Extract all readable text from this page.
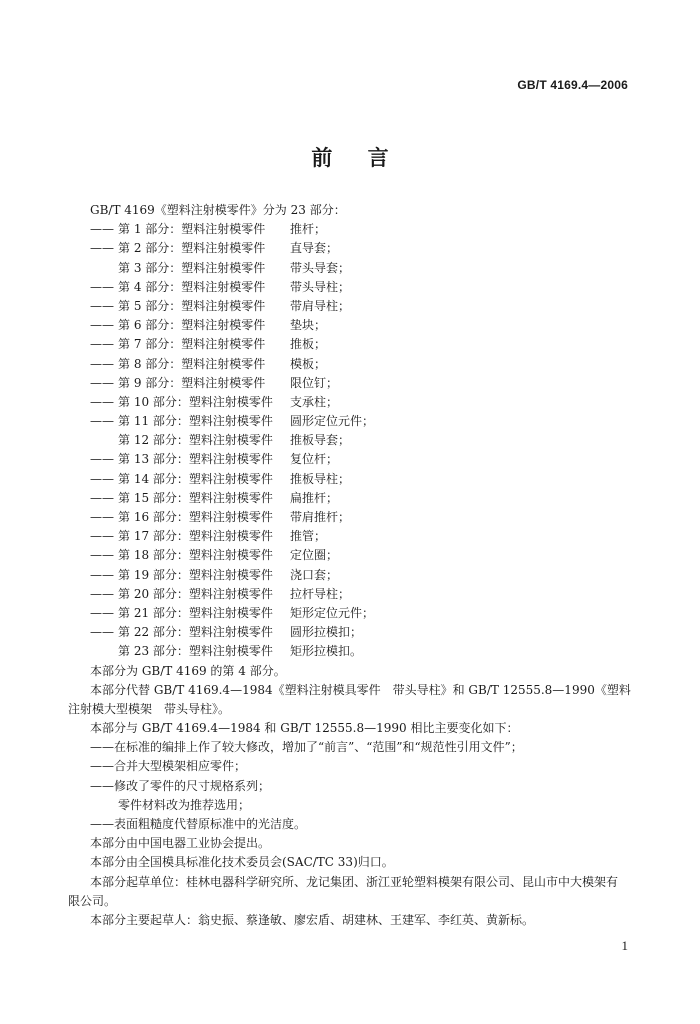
GB/T 4169.4—2006
前 言
GB/T 4169《塑料注射模零件》分为 23 部分：
—— 第 1 部分：塑料注射模零件 推杆；
—— 第 2 部分：塑料注射模零件 直导套；
第 3 部分：塑料注射模零件 带头导套；
—— 第 4 部分：塑料注射模零件 带头导柱；
—— 第 5 部分：塑料注射模零件 带肩导柱；
—— 第 6 部分：塑料注射模零件 垫块；
—— 第 7 部分：塑料注射模零件 推板；
—— 第 8 部分：塑料注射模零件 模板；
—— 第 9 部分：塑料注射模零件 限位钉；
—— 第 10 部分：塑料注射模零件 支承柱；
—— 第 11 部分：塑料注射模零件 圆形定位元件；
第 12 部分：塑料注射模零件 推板导套；
—— 第 13 部分：塑料注射模零件 复位杆；
—— 第 14 部分：塑料注射模零件 推板导柱；
—— 第 15 部分：塑料注射模零件 扁推杆；
—— 第 16 部分：塑料注射模零件 带肩推杆；
—— 第 17 部分：塑料注射模零件 推管；
—— 第 18 部分：塑料注射模零件 定位圈；
—— 第 19 部分：塑料注射模零件 浇口套；
—— 第 20 部分：塑料注射模零件 拉杆导柱；
—— 第 21 部分：塑料注射模零件 矩形定位元件；
—— 第 22 部分：塑料注射模零件 圆形拉模扣；
第 23 部分：塑料注射模零件 矩形拉模扣。
本部分为 GB/T 4169 的第 4 部分。
本部分代替 GB/T 4169.4—1984《塑料注射模具零件　带头导柱》和 GB/T 12555.8—1990《塑料
注射模大型模架　带头导柱》。
本部分与 GB/T 4169.4—1984 和 GB/T 12555.8—1990 相比主要变化如下：
——在标准的编排上作了较大修改，增加了“前言”、“范围”和“规范性引用文件”；
——合并大型模架相应零件；
——修改了零件的尺寸规格系列；
零件材料改为推荐选用；
——表面粗糙度代替原标准中的光洁度。
本部分由中国电器工业协会提出。
本部分由全国模具标准化技术委员会(SAC/TC 33)归口。
本部分起草单位：桂林电器科学研究所、龙记集团、浙江亚轮塑料模架有限公司、昆山市中大模架有
限公司。
本部分主要起草人：翁史振、蔡逢敏、廖宏盾、胡建林、王建军、李红英、黄新标。
1
